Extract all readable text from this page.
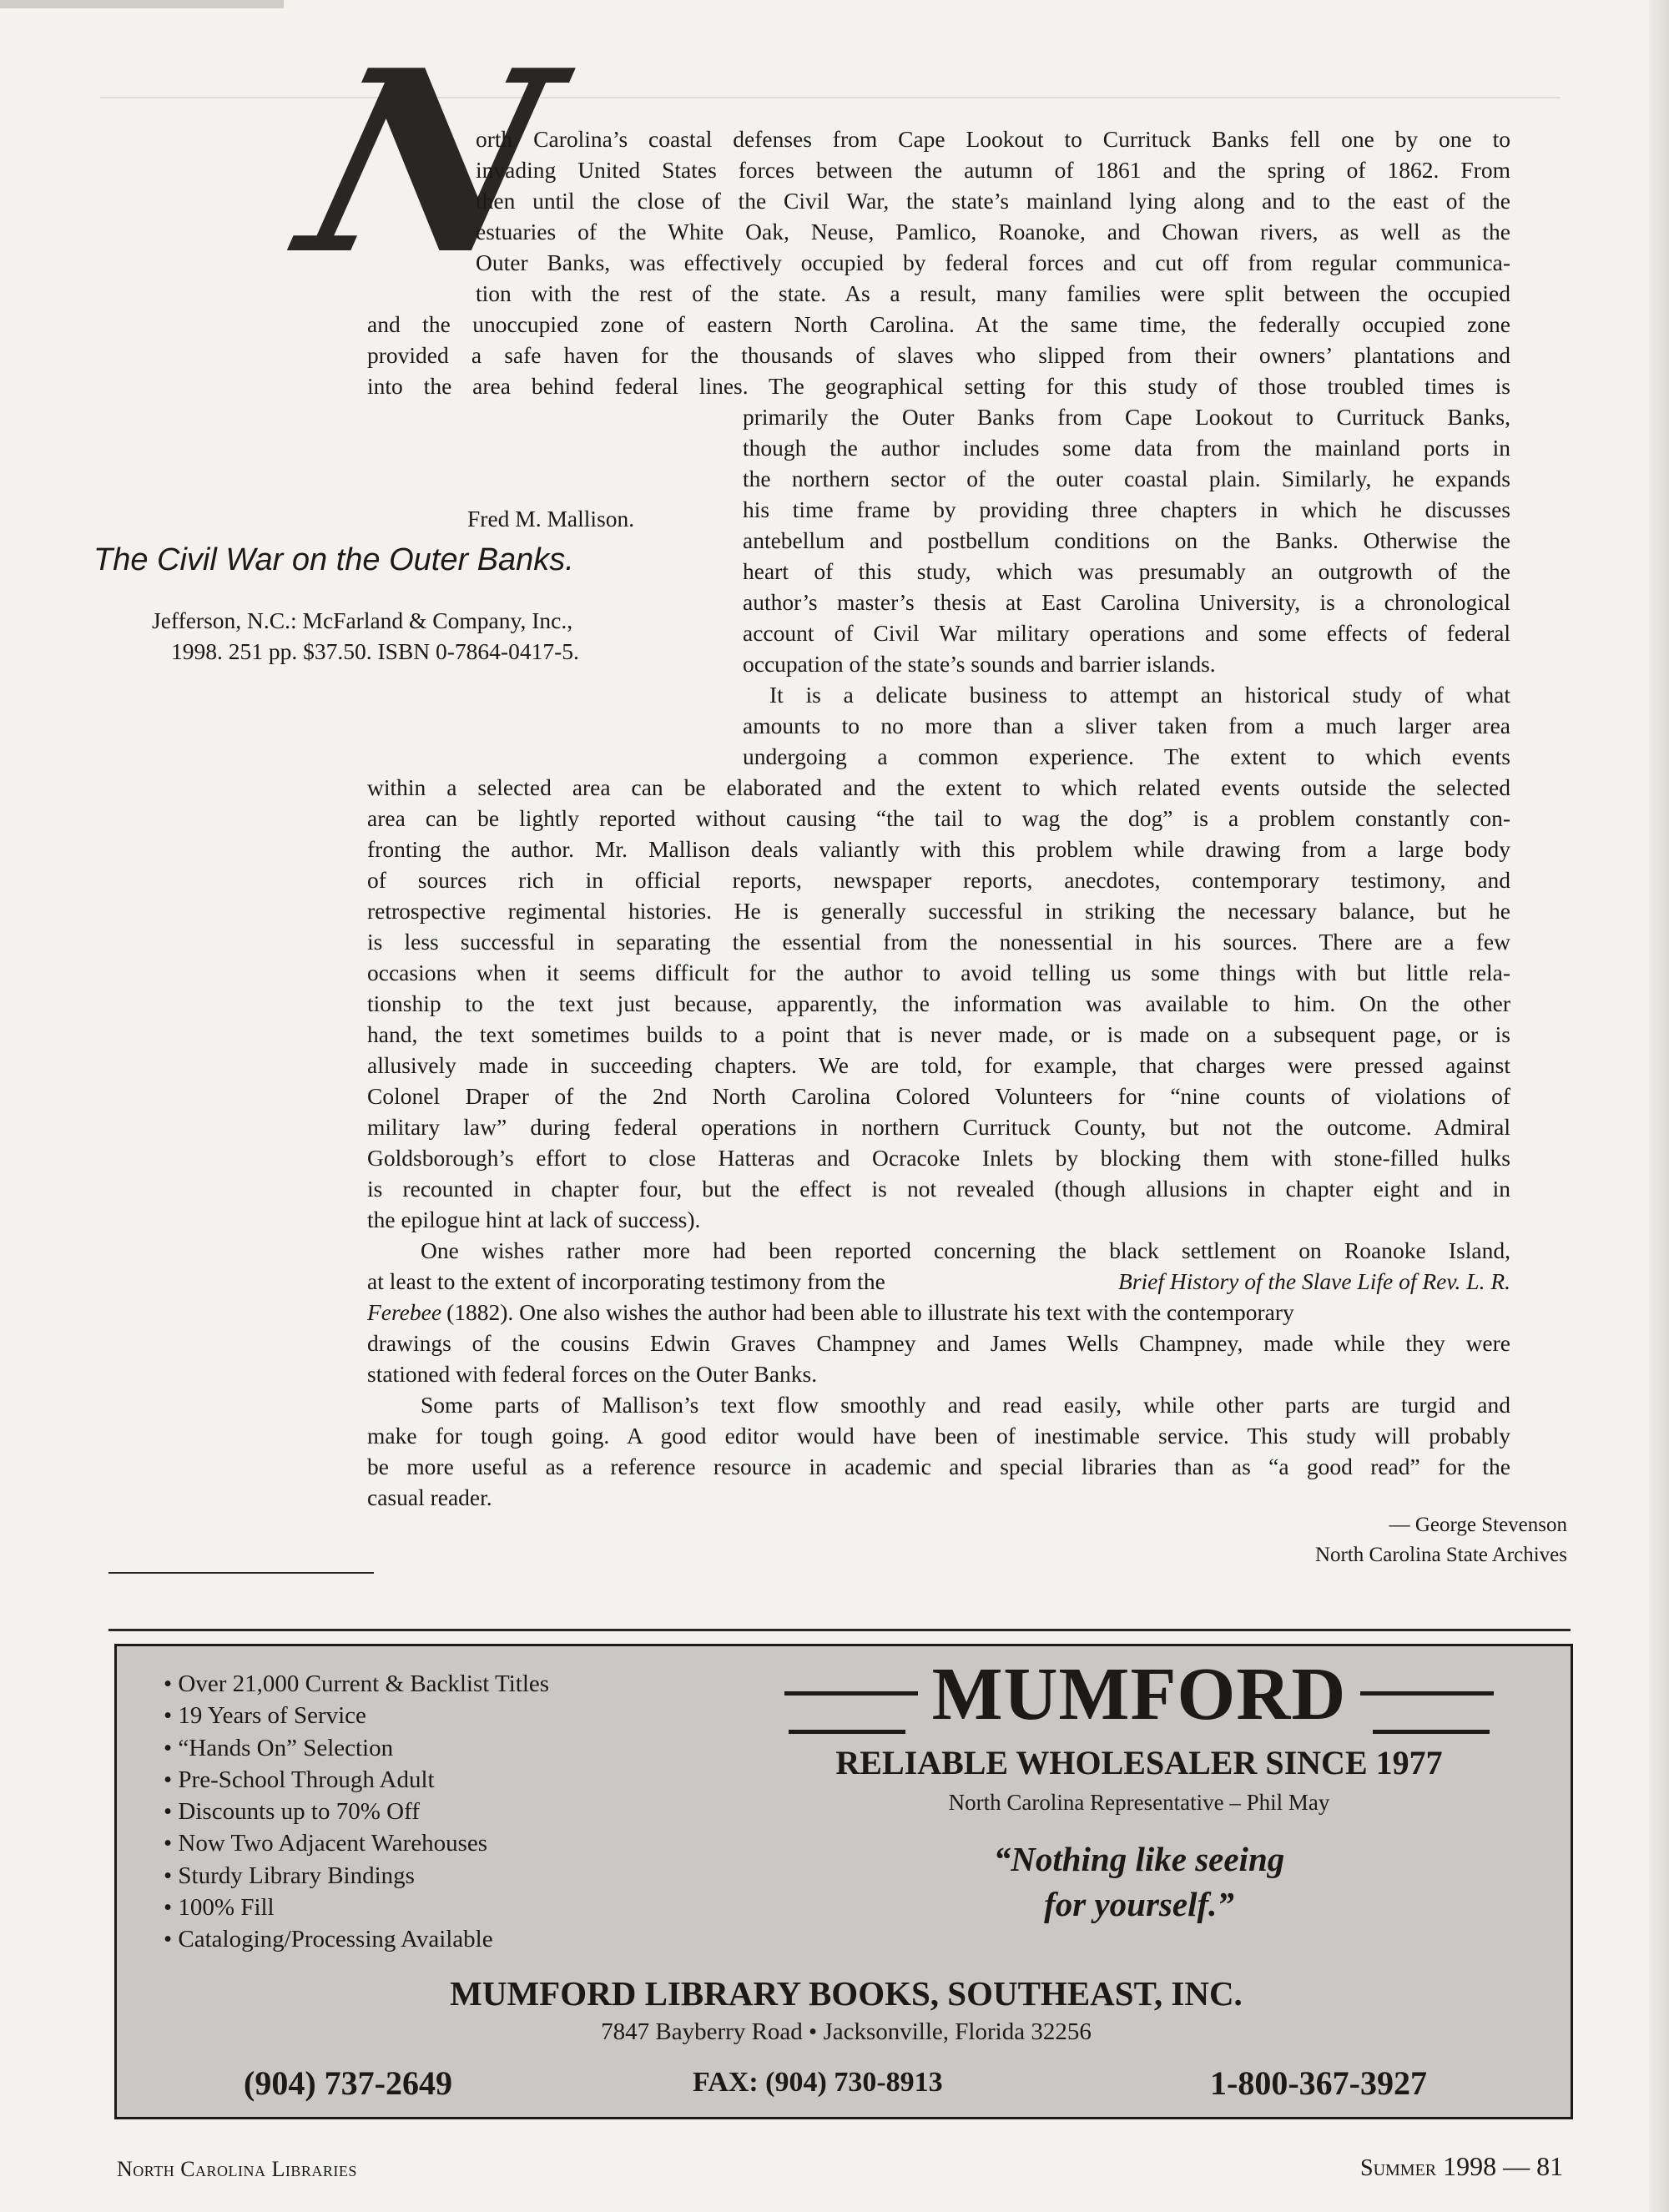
N
orth Carolina’s coastal defenses from Cape Lookout to Currituck Banks fell one by one to
invading United States forces between the autumn of 1861 and the spring of 1862. From
then until the close of the Civil War, the state’s mainland lying along and to the east of the
estuaries of the White Oak, Neuse, Pamlico, Roanoke, and Chowan rivers, as well as the
Outer Banks, was effectively occupied by federal forces and cut off from regular communica-
tion with the rest of the state. As a result, many families were split between the occupied
and the unoccupied zone of eastern North Carolina. At the same time, the federally occupied zone
provided a safe haven for the thousands of slaves who slipped from their owners’ plantations and
into the area behind federal lines. The geographical setting for this study of those troubled times is
primarily the Outer Banks from Cape Lookout to Currituck Banks,
though the author includes some data from the mainland ports in
the northern sector of the outer coastal plain. Similarly, he expands
his time frame by providing three chapters in which he discusses
antebellum and postbellum conditions on the Banks. Otherwise the
heart of this study, which was presumably an outgrowth of the
author’s master’s thesis at East Carolina University, is a chronological
account of Civil War military operations and some effects of federal
occupation of the state’s sounds and barrier islands.
It is a delicate business to attempt an historical study of what
amounts to no more than a sliver taken from a much larger area
undergoing a common experience. The extent to which events
within a selected area can be elaborated and the extent to which related events outside the selected
area can be lightly reported without causing “the tail to wag the dog” is a problem constantly con-
fronting the author. Mr. Mallison deals valiantly with this problem while drawing from a large body
of sources rich in official reports, newspaper reports, anecdotes, contemporary testimony, and
retrospective regimental histories. He is generally successful in striking the necessary balance, but he
is less successful in separating the essential from the nonessential in his sources. There are a few
occasions when it seems difficult for the author to avoid telling us some things with but little rela-
tionship to the text just because, apparently, the information was available to him. On the other
hand, the text sometimes builds to a point that is never made, or is made on a subsequent page, or is
allusively made in succeeding chapters. We are told, for example, that charges were pressed against
Colonel Draper of the 2nd North Carolina Colored Volunteers for “nine counts of violations of
military law” during federal operations in northern Currituck County, but not the outcome. Admiral
Goldsborough’s effort to close Hatteras and Ocracoke Inlets by blocking them with stone-filled hulks
is recounted in chapter four, but the effect is not revealed (though allusions in chapter eight and in
the epilogue hint at lack of success).
One wishes rather more had been reported concerning the black settlement on Roanoke Island,
at least to the extent of incorporating testimony from the	Brief History of the Slave Life of Rev. L. R.
Ferebee (1882). One also wishes the author had been able to illustrate his text with the contemporary
drawings of the cousins Edwin Graves Champney and James Wells Champney, made while they were
stationed with federal forces on the Outer Banks.
Some parts of Mallison’s text flow smoothly and read easily, while other parts are turgid and
make for tough going. A good editor would have been of inestimable service. This study will probably
be more useful as a reference resource in academic and special libraries than as “a good read” for the
casual reader.
— George Stevenson
North Carolina State Archives
Fred M. Mallison.
The Civil War on the Outer Banks.
Jefferson, N.C.: McFarland & Company, Inc.,
1998. 251 pp. $37.50. ISBN 0-7864-0417-5.
• Over 21,000 Current & Backlist Titles
• 19 Years of Service
• “Hands On” Selection
• Pre-School Through Adult
• Discounts up to 70% Off
• Now Two Adjacent Warehouses
• Sturdy Library Bindings
• 100% Fill
• Cataloging/Processing Available
MUMFORD
RELIABLE WHOLESALER SINCE 1977
North Carolina Representative – Phil May
“Nothing like seeing
for yourself.”
MUMFORD LIBRARY BOOKS, SOUTHEAST, INC.
7847 Bayberry Road • Jacksonville, Florida 32256
(904) 737-2649	FAX: (904) 730-8913	1-800-367-3927
North Carolina Libraries	Summer 1998 — 81
